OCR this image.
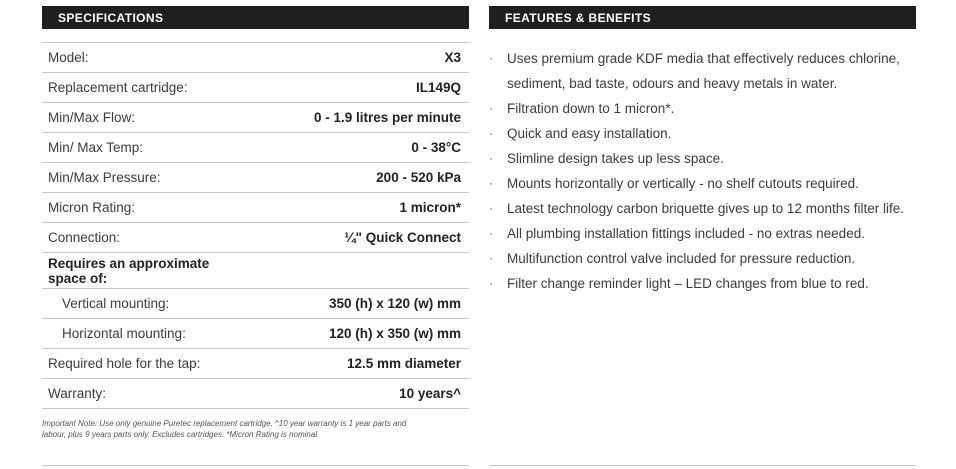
SPECIFICATIONS
Model:	X3
Replacement cartridge:	IL149Q
Min/Max Flow:	0 - 1.9 litres per minute
Min/ Max Temp:	0 - 38°C
Min/Max Pressure:	200 - 520 kPa
Micron Rating:	1 micron*
Connection:	¼" Quick Connect
Requires an approximate space of:
Vertical mounting:	350 (h) x 120 (w) mm
Horizontal mounting:	120 (h) x 350 (w) mm
Required hole for the tap:	12.5 mm diameter
Warranty:	10 years^
Important Note: Use only genuine Puretec replacement cartridge. ^10 year warranty is 1 year parts and
labour, plus 9 years parts only. Excludes cartridges. *Micron Rating is nominal.
FEATURES & BENEFITS
· Uses premium grade KDF media that effectively reduces chlorine,
sediment, bad taste, odours and heavy metals in water.
· Filtration down to 1 micron*.
· Quick and easy installation.
· Slimline design takes up less space.
· Mounts horizontally or vertically - no shelf cutouts required.
· Latest technology carbon briquette gives up to 12 months filter life.
· All plumbing installation fittings included - no extras needed.
· Multifunction control valve included for pressure reduction.
· Filter change reminder light – LED changes from blue to red.
